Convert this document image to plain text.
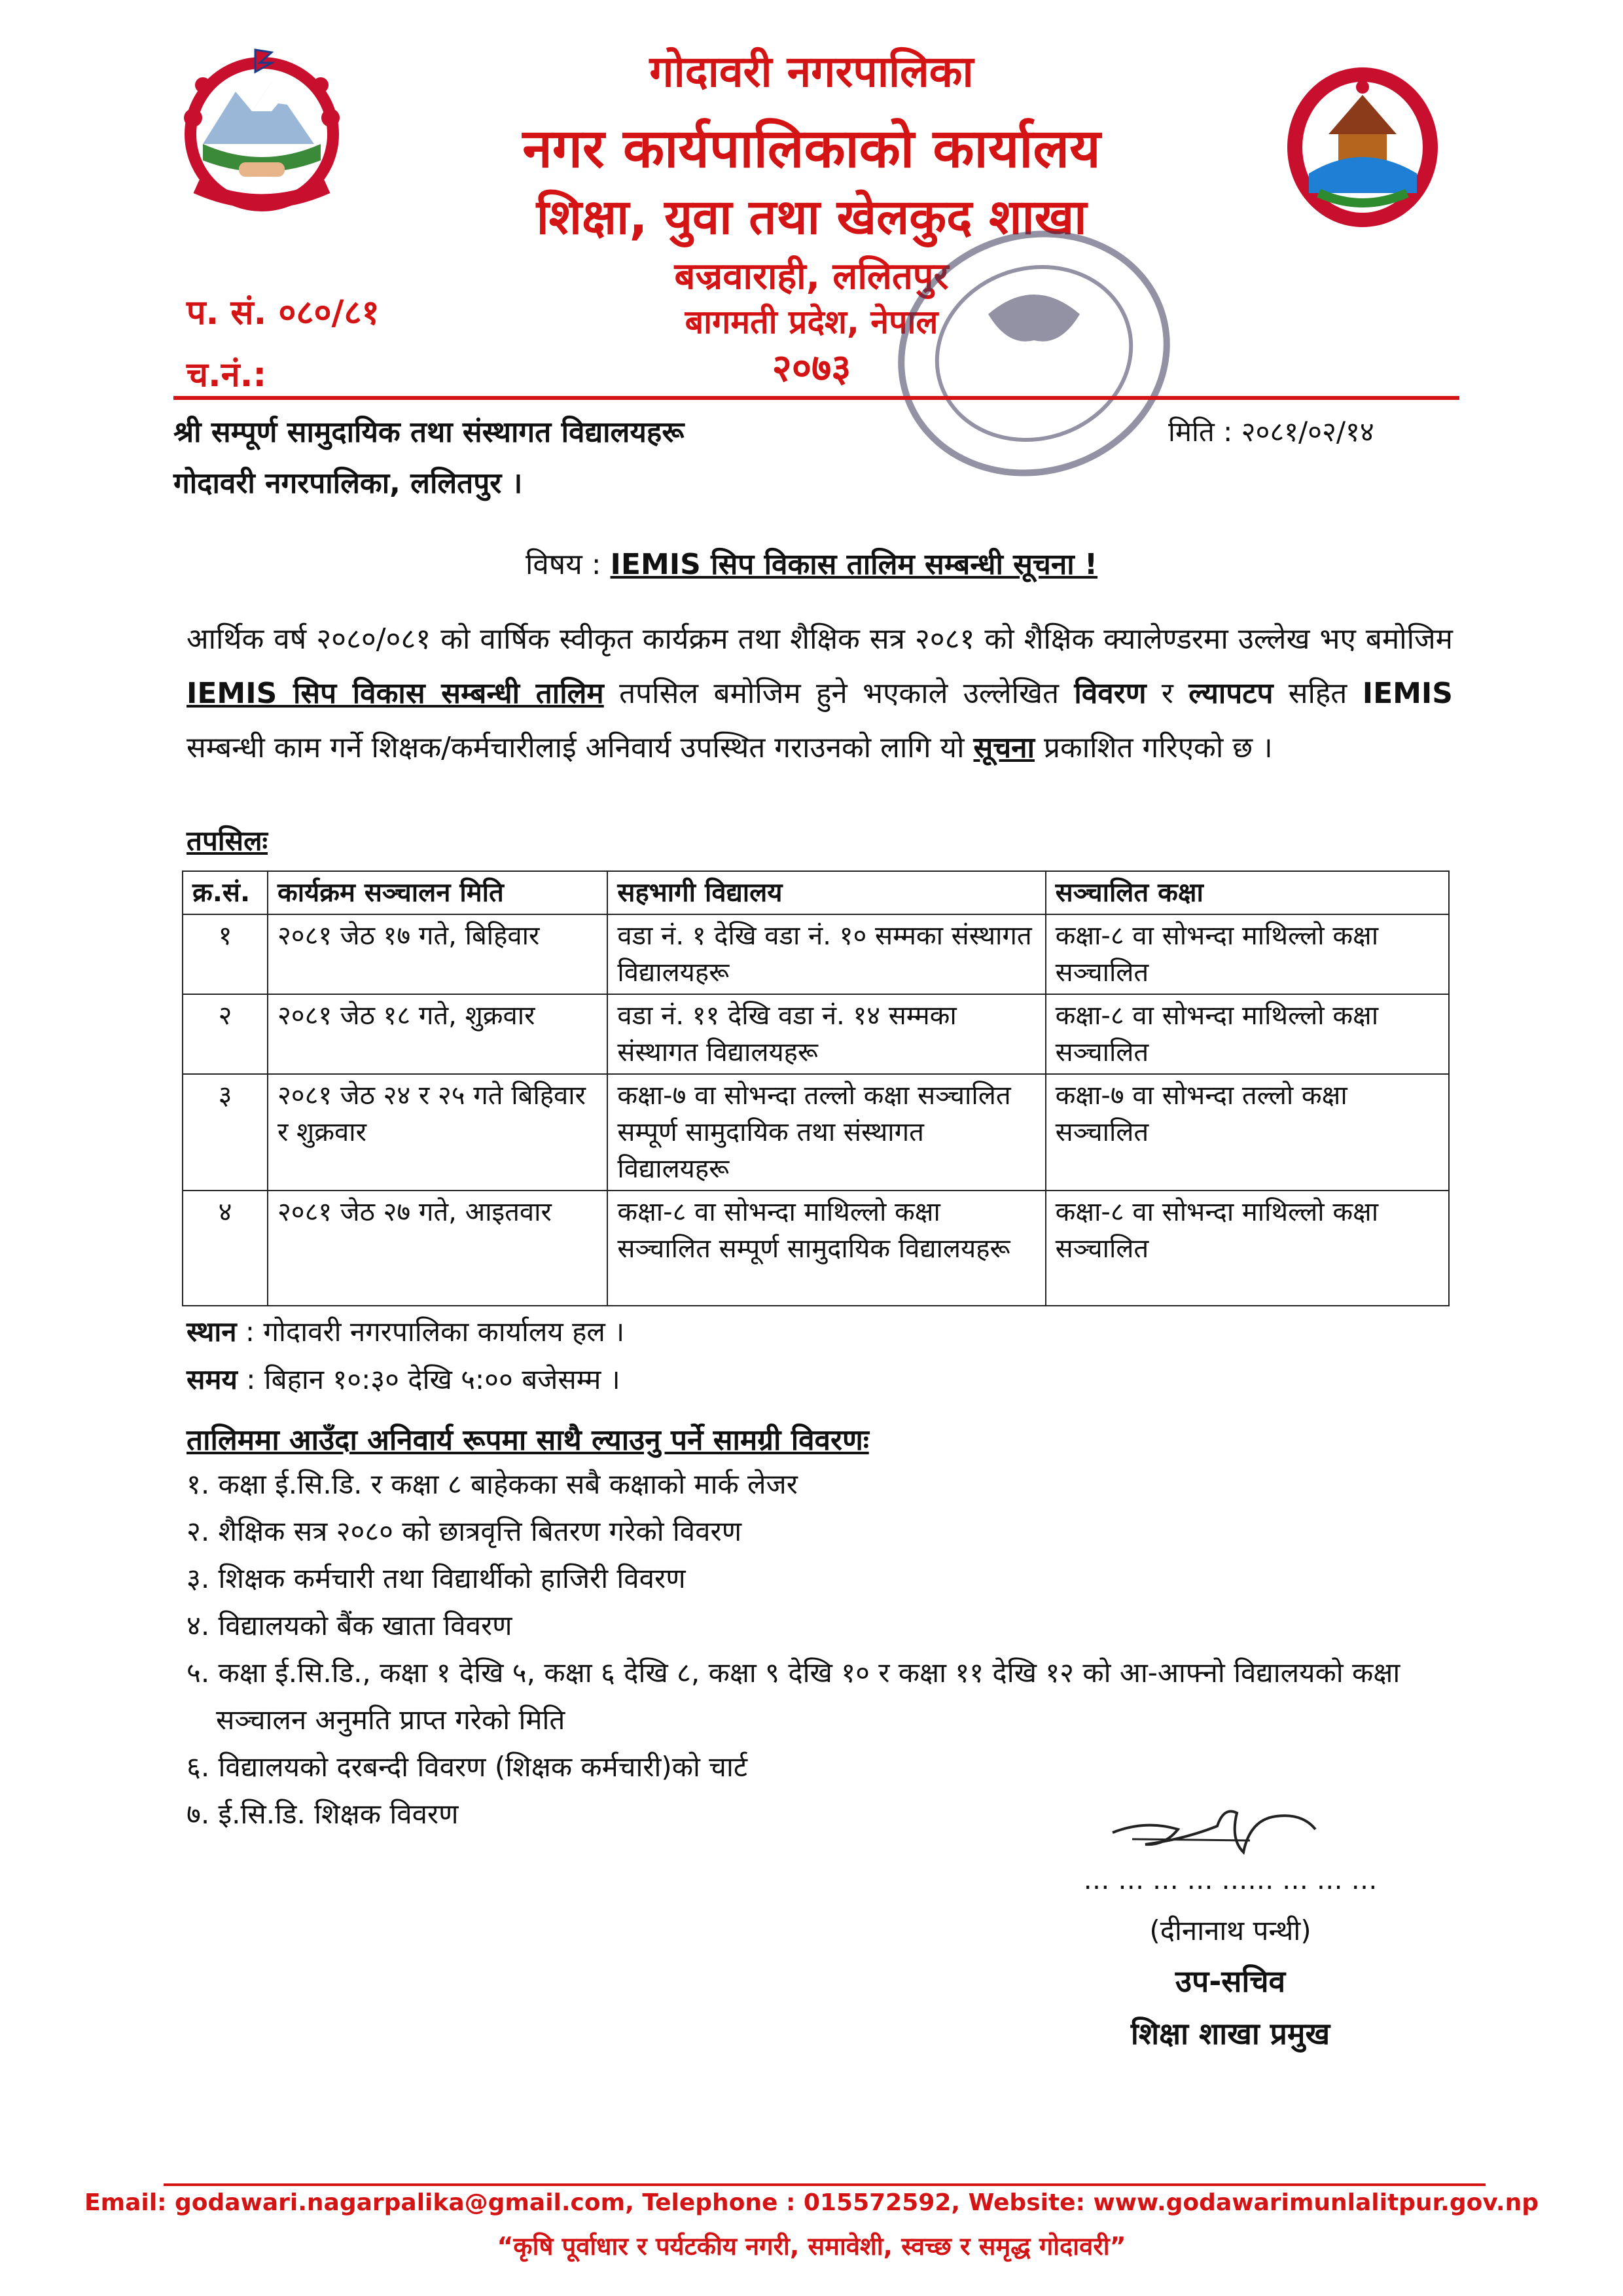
गोदावरी नगरपालिका
नगर कार्यपालिकाको कार्यालय
शिक्षा, युवा तथा खेलकुद शाखा
बज्रवाराही, ललितपुर
बागमती प्रदेश, नेपाल
२०७३
प. सं. ०८०/८१
च.नं.:
श्री सम्पूर्ण सामुदायिक तथा संस्थागत विद्यालयहरू
गोदावरी नगरपालिका, ललितपुर ।
मिति : २०८१/०२/१४
विषय : IEMIS सिप विकास तालिम सम्बन्धी सूचना !
आर्थिक वर्ष २०८०/०८१ को वार्षिक स्वीकृत कार्यक्रम तथा शैक्षिक सत्र २०८१ को शैक्षिक क्यालेण्डरमा उल्लेख भए बमोजिम IEMIS सिप विकास सम्बन्धी तालिम तपसिल बमोजिम हुने भएकाले उल्लेखित विवरण र ल्यापटप सहित IEMIS सम्बन्धी काम गर्ने शिक्षक/कर्मचारीलाई अनिवार्य उपस्थित गराउनको लागि यो सूचना प्रकाशित गरिएको छ ।
तपसिलः
क्र.सं.	कार्यक्रम सञ्चालन मिति	सहभागी विद्यालय	सञ्चालित कक्षा
१	२०८१ जेठ १७ गते, बिहिवार	वडा नं. १ देखि वडा नं. १० सम्मका संस्थागत विद्यालयहरू	कक्षा-८ वा सोभन्दा माथिल्लो कक्षा सञ्चालित
२	२०८१ जेठ १८ गते, शुक्रवार	वडा नं. ११ देखि वडा नं. १४ सम्मका संस्थागत विद्यालयहरू	कक्षा-८ वा सोभन्दा माथिल्लो कक्षा सञ्चालित
३	२०८१ जेठ २४ र २५ गते बिहिवार र शुक्रवार	कक्षा-७ वा सोभन्दा तल्लो कक्षा सञ्चालित सम्पूर्ण सामुदायिक तथा संस्थागत विद्यालयहरू	कक्षा-७ वा सोभन्दा तल्लो कक्षा सञ्चालित
४	२०८१ जेठ २७ गते, आइतवार	कक्षा-८ वा सोभन्दा माथिल्लो कक्षा सञ्चालित सम्पूर्ण सामुदायिक विद्यालयहरू	कक्षा-८ वा सोभन्दा माथिल्लो कक्षा सञ्चालित
स्थान : गोदावरी नगरपालिका कार्यालय हल ।
समय : बिहान १०:३० देखि ५:०० बजेसम्म ।
तालिममा आउँदा अनिवार्य रूपमा साथै ल्याउनु पर्ने सामग्री विवरणः
१. कक्षा ई.सि.डि. र कक्षा ८ बाहेकका सबै कक्षाको मार्क लेजर
२. शैक्षिक सत्र २०८० को छात्रवृत्ति बितरण गरेको विवरण
३. शिक्षक कर्मचारी तथा विद्यार्थीको हाजिरी विवरण
४. विद्यालयको बैंक खाता विवरण
५. कक्षा ई.सि.डि., कक्षा १ देखि ५, कक्षा ६ देखि ८, कक्षा ९ देखि १० र कक्षा ११ देखि १२ को आ-आफ्नो विद्यालयको कक्षा सञ्चालन अनुमति प्राप्त गरेको मिति
६. विद्यालयको दरबन्दी विवरण (शिक्षक कर्मचारी)को चार्ट
७. ई.सि.डि. शिक्षक विवरण
… … … … …… … … …
(दीनानाथ पन्थी)
उप-सचिव
शिक्षा शाखा प्रमुख
Email: godawari.nagarpalika@gmail.com, Telephone : 015572592, Website: www.godawarimunlalitpur.gov.np
“कृषि पूर्वाधार र पर्यटकीय नगरी, समावेशी, स्वच्छ र समृद्ध गोदावरी”
